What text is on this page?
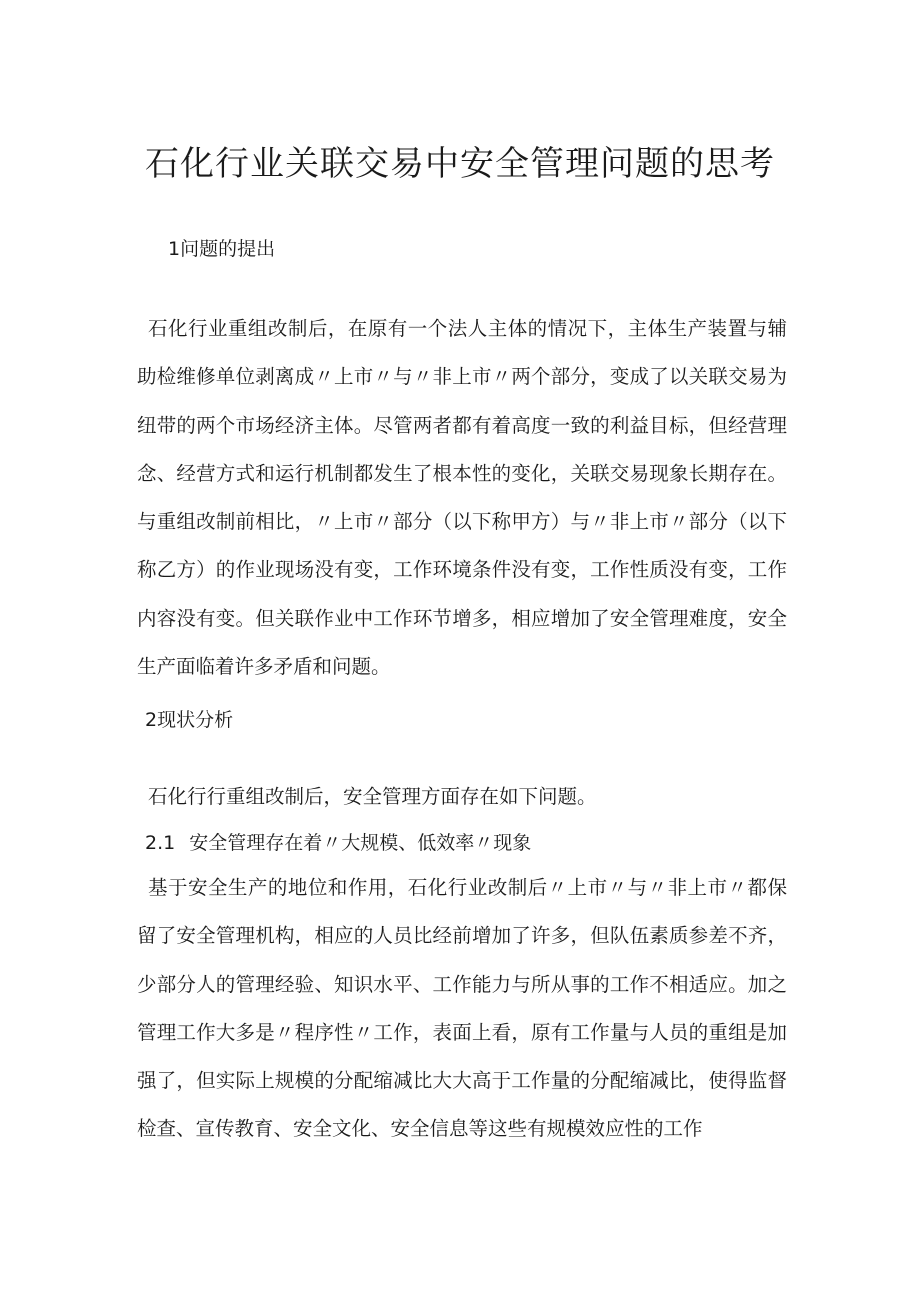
石化行业关联交易中安全管理问题的思考
1问题的提出

石化行业重组改制后，在原有一个法人主体的情况下，主体生产装置与辅助检维修单位剥离成〃上市〃与〃非上市〃两个部分，变成了以关联交易为纽带的两个市场经济主体。尽管两者都有着高度一致的利益目标，但经营理念、经营方式和运行机制都发生了根本性的变化，关联交易现象长期存在。与重组改制前相比，〃上市〃部分（以下称甲方）与〃非上市〃部分（以下称乙方）的作业现场没有变，工作环境条件没有变，工作性质没有变，工作内容没有变。但关联作业中工作环节增多，相应增加了安全管理难度，安全生产面临着许多矛盾和问题。

2现状分析

石化行行重组改制后，安全管理方面存在如下问题。

2.1 安全管理存在着〃大规模、低效率〃现象

基于安全生产的地位和作用，石化行业改制后〃上市〃与〃非上市〃都保留了安全管理机构，相应的人员比经前增加了许多，但队伍素质参差不齐，少部分人的管理经验、知识水平、工作能力与所从事的工作不相适应。加之管理工作大多是〃程序性〃工作，表面上看，原有工作量与人员的重组是加强了，但实际上规模的分配缩减比大大高于工作量的分配缩减比，使得监督检查、宣传教育、安全文化、安全信息等这些有规模效应性的工作
